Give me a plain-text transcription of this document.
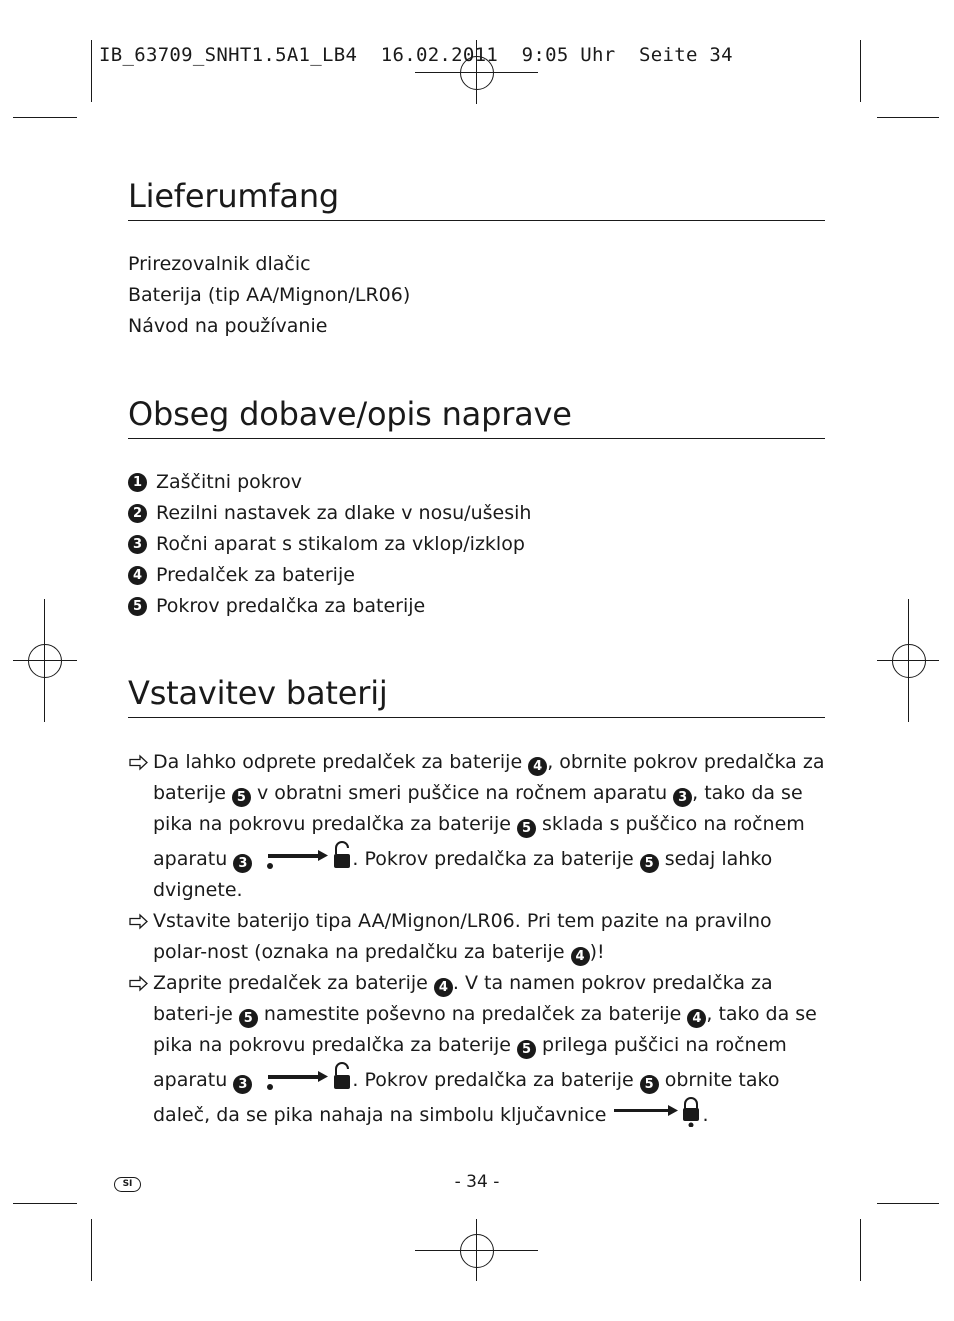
IB_63709_SNHT1.5A1_LB4  16.02.2011  9:05 Uhr  Seite 34
Lieferumfang
Prirezovalnik dlačic
Baterija (tip AA/Mignon/LR06)
Návod na používanie
Obseg dobave/opis naprave
1 Zaščitni pokrov
2 Rezilni nastavek za dlake v nosu/ušesih
3 Ročni aparat s stikalom za vklop/izklop
4 Predalček za baterije
5 Pokrov predalčka za baterije
Vstavitev baterij
Da lahko odprete predalček za baterije 4 , obrnite pokrov predalčka za baterije 5 v obratni smeri puščice na ročnem aparatu 3 , tako da se pika na pokrovu predalčka za baterije 5 sklada s puščico na ročnem aparatu 3	. Pokrov predalčka za baterije 5 sedaj lahko dvignete.
Vstavite baterijo tipa AA/Mignon/LR06. Pri tem pazite na pravilno polar-nost (oznaka na predalčku za baterije 4 )!
Zaprite predalček za baterije 4 . V ta namen pokrov predalčka za bateri-je 5 namestite poševno na predalček za baterije 4 , tako da se pika na pokrovu predalčka za baterije 5 prilega puščici na ročnem aparatu 3	. Pokrov predalčka za baterije 5 obrnite tako daleč, da se pika nahaja na simbolu ključavnice	.
SI	- 34 -
